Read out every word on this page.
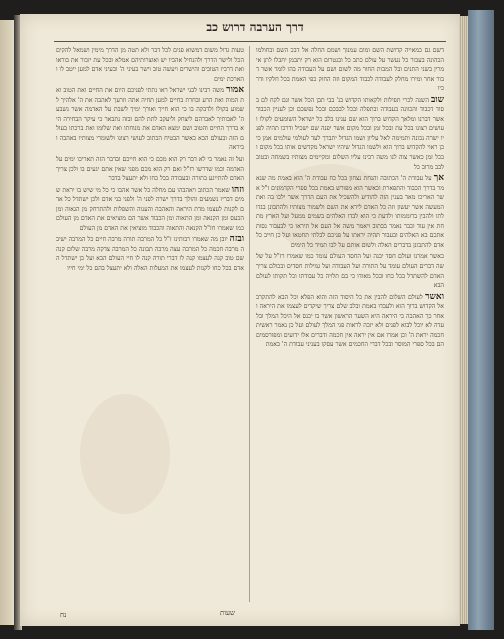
דרך הערבה דרוש כב

דשם גם כמאייה קדושת השם ומום עמנוך ושמם החלה אל דבכ השם ובחולמו הכהונה בעבור כל נעשר על עולם כתב כל ובנטרום הוא רק יתבמן יחבלו לתן אימרין בשני התנים ובל המבות החור מה לשום ושם על העבודה בהו לומר אשר דבור אחר ומירו מחלק לעבודה לכבוד המקום וזה החוק כפי האמת בכל חלקיו ודרכיו

שוב השנה לכרי תפילות ולקאותו הקדוש בנ' בבי תבן הכל אשר וגם לקח לם בסוד דכבוד והכוונה בעבודה ובתפלה ובכל לבבכם ובכל נפשכם וכן לעניין הכבוד אשר דברנו ומלאך הקדוש ברוך הוא שם ענינו בלב כל ישראל השומעים לקולו ועושים רצונו בכל עת ובכל זמן ובכל מקום אשר יפנה שם ישכיל ודרכו תהיה לפניו ישרה נכונה ותמימה לאל עליון ושמו הגדול יתברך לעד לעולמי עולמים אמן כי כן ראוי להקדוש ברוך הוא ולשמו הגדול שיהיו ישראל מקדשים אותו בכל מקום ובכל זמן כאשר צוה לנו משה רבינו עליו השלום ומקיימים מצותיו בשמחה ובטוב לבב מרוב כל

אך על עבודת ה' הכתובה והנחת נצחון בכל כח עבודת ה' הוא באמת מה שנאמר בדרך הכבוד והתפארת וכאשר הוא מפורש באמת בכל ספרי הקדמונים ז"ל אשר האריכו מאד בענין הזה להודיע ולהשכיל את העם הדרך אשר ילכו בה ואת המעשה אשר יעשון וזה כל האדם לירא את השם ולשמור מצותיו ולהתבונן בגדולתו ולהבין ברוממותו ולדעת כי הוא לבדו האלהים בשמים ממעל ועל הארץ מתחת אין עוד וכבר נאמר בכתוב ויאמר משה אל העם אל תיראו כי לבעבור נסות אתכם בא האלהים ובעבור תהיה יראתו על פניכם לבלתי תחטאו ועל כן חייב כל אדם להתבונן בדברים האלה ולשום אותם על לבו תמיד כל הימים

כאשר אמרנו ועולם חסד יבנה ועל החסד העולם עומד כמו שאמרו רז"ל על שלשה דברים העולם עומד על התורה ועל העבודה ועל גמילות חסדים ובכולם צריך האדם להשתדל בכל כחו ובכל מאודו כי בם תלויה כל עבודתו וכל תקותו לעולם הבא

ואשר לעולם השלום להבין את כל היסוד הזה והוא הפלא וכל הבא להתקרב אל הקדוש ברוך הוא ולעבדו באמת ובלב שלם צריך שיקדים לעצמו את היראה ואחר כך האהבה כי היראה היא השער הראשון אשר בו יכנס אל היכל המלך ובלעדה לא יוכל לבוא לפנים ולא יזכה לראות פני המלך לעולם ועל כן נאמר ראשית חכמה יראת ה' וכן אמרו אם אין יראה אין חכמה ודברים אלו ידועים ומפורסמים הם בכל ספרי המוסר ובכל דברי החכמים אשר עסקו בעניני עבודת ה' באמת

טעות גדול משום דמשוא פנים לכל דבר ולא תטה מן הדרך מימין ושמאל להקים הכל ולישר הדרך ולהנחיל אהביו יש ואוצרותיהם אמלא ובכל עת יזכור את בוראו ואת דרכיו הטובים והישרים ויעשה טוב וישר בעיני ה' ובעיני אדם למען ייטב לו והארכת ימים

אמור משה רבינו לבני ישראל ראו נתתי לפניכם היום את החיים ואת הטוב ואת המות ואת הרע ובחרת בחיים למען תחיה אתה וזרעך לאהבה את ה' אלהיך לשמוע בקולו ולדבקה בו כי הוא חייך ואורך ימיך לשבת על האדמה אשר נשבע ה' לאבותיך לאברהם ליצחק וליעקב לתת להם ובזה נתבאר כי עיקר הבחירה היא בדרך החיים והטוב ושם ימצא האדם את מנוחתו ואת שלומו ואת ברכתו בעולם הזה ובעולם הבא כאשר הבטיח הכתוב לעושי רצונו ולשומרי מצותיו באהבה וביראה

ועל זה נאמר כי לא דבר רק הוא מכם כי הוא חייכם ובדבר הזה תאריכו ימים על האדמה וכמו שדרשו רז"ל ואם רק הוא מכם מפני שאין אתם יגעים בו ולכן צריך האדם להתייגע בתורה ובעבודה בכל כחו ולא יתעצל בדבר

וזהו שאמר הכתוב ויאהבהו עם מחלה כל אשר אהבו כי כל מי שיש בו יראת שמים דבריו נשמעים והולך בדרך ישרה לפני ה' ולפני בני אדם ולכן ישתדל כל אדם לקנות לעצמו מדת היראה והאהבה והענוה והשפלות ולהתרחק מן הגאוה ומן הכעס ומן הקנאה ומן התאוה ומן הכבוד אשר הם מוציאים את האדם מן העולם כמו שאמרו חז"ל הקנאה והתאוה והכבוד מוציאין את האדם מן העולם

ובזה יובן מה שאמרו רבותינו ז"ל כל המרבה תורה מרבה חיים כל המרבה ישיבה מרבה חכמה כל המרבה עצה מרבה תבונה כל המרבה צדקה מרבה שלום קנה שם טוב קנה לעצמו קנה לו דברי תורה קנה לו חיי העולם הבא ועל כן ישתדל האדם בכל כחו לקנות לעצמו את המעלות האלה ולא יתעצל בהם כל ימי חייו

שעות
נח
